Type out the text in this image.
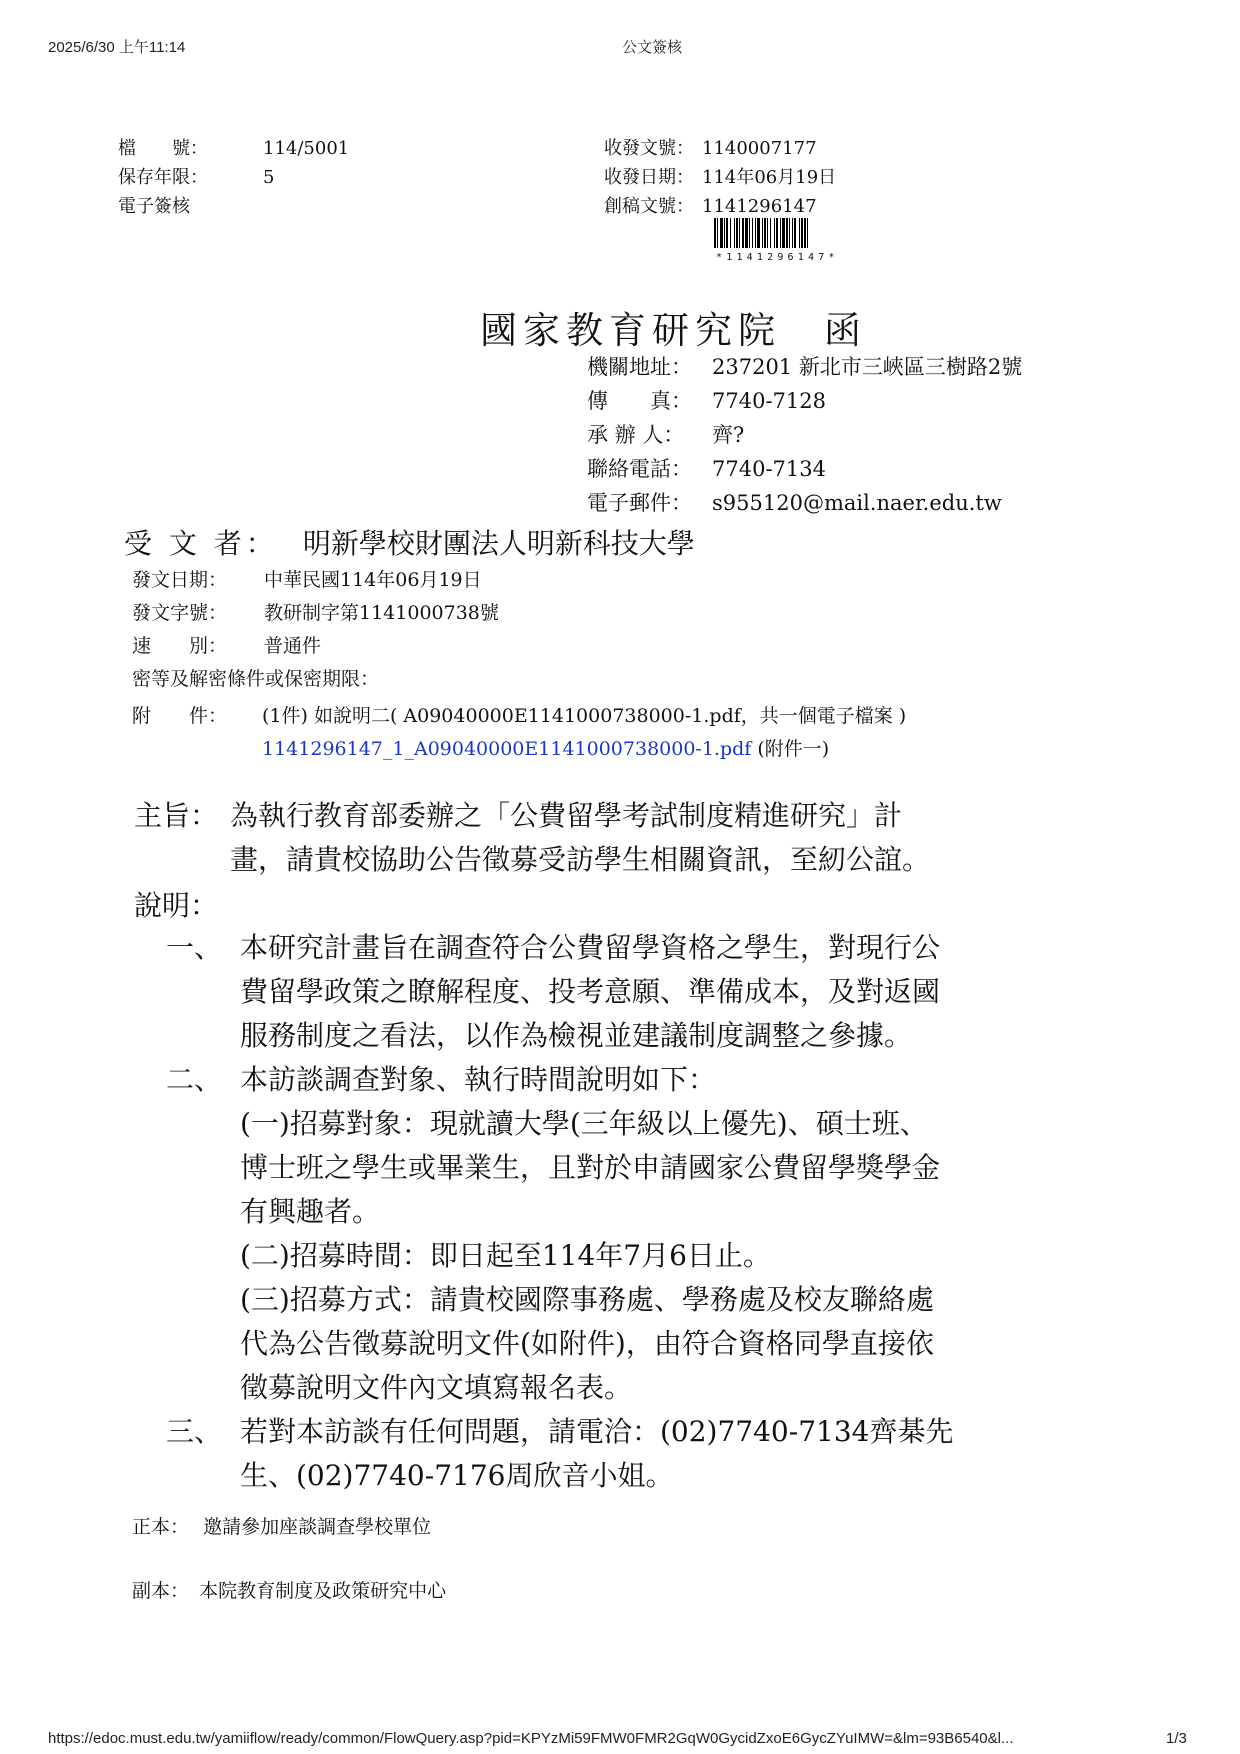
2025/6/30 上午11:14	公文簽核
檔　　號：	114/5001
保存年限：	5
電子簽核
收發文號： 1140007177
收發日期： 114年06月19日
創稿文號： 1141296147
*1141296147*
國家教育研究院　函
機關地址： 237201 新北市三峽區三樹路2號
傳　　真： 7740-7128
承 辦 人：	齊?
聯絡電話： 7740-7134
電子郵件： s955120@mail.naer.edu.tw
受 文 者： 明新學校財團法人明新科技大學
發文日期：	中華民國114年06月19日
發文字號：	教研制字第1141000738號
速　　別：	普通件
密等及解密條件或保密期限：
附　　件：	(1件) 如說明二( A09040000E1141000738000-1.pdf，共一個電子檔案 ) 1141296147_1_A09040000E1141000738000-1.pdf (附件一)
主旨： 為執行教育部委辦之「公費留學考試制度精進研究」計
畫，請貴校協助公告徵募受訪學生相關資訊，至紉公誼。
說明：
一、 本研究計畫旨在調查符合公費留學資格之學生，對現行公
費留學政策之瞭解程度、投考意願、準備成本，及對返國
服務制度之看法，以作為檢視並建議制度調整之參據。
二、 本訪談調查對象、執行時間說明如下：
(一)招募對象：現就讀大學(三年級以上優先)、碩士班、
博士班之學生或畢業生，且對於申請國家公費留學獎學金
有興趣者。
(二)招募時間：即日起至114年7月6日止。
(三)招募方式：請貴校國際事務處、學務處及校友聯絡處
代為公告徵募說明文件(如附件)，由符合資格同學直接依
徵募說明文件內文填寫報名表。
三、 若對本訪談有任何問題，請電洽：(02)7740-7134齊棊先
生、(02)7740-7176周欣音小姐。
正本： 邀請參加座談調查學校單位
副本： 本院教育制度及政策研究中心
https://edoc.must.edu.tw/yamiiflow/ready/common/FlowQuery.asp?pid=KPYzMi59FMW0FMR2GqW0GycidZxoE6GycZYuIMW=&lm=93B6540&l...	1/3
